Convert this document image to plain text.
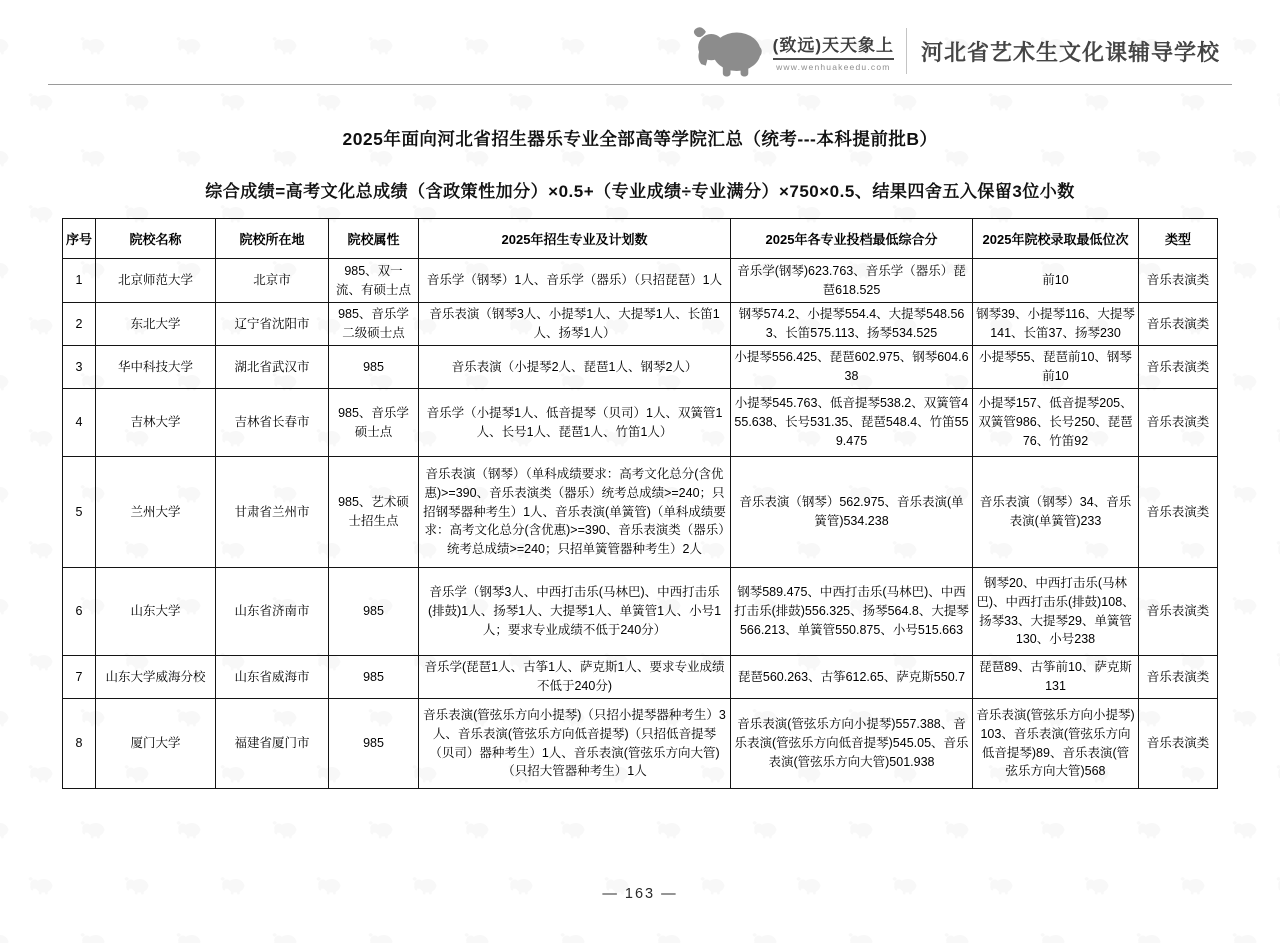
(致远)天天象上
www.wenhuakeedu.com
河北省艺术生文化课辅导学校
2025年面向河北省招生器乐专业全部高等学院汇总（统考---本科提前批B）
综合成绩=高考文化总成绩（含政策性加分）×0.5+（专业成绩÷专业满分）×750×0.5、结果四舍五入保留3位小数
序号	院校名称	院校所在地	院校属性	2025年招生专业及计划数	2025年各专业投档最低综合分	2025年院校录取最低位次	类型
1	北京师范大学	北京市	985、双一流、有硕士点	音乐学（钢琴）1人、音乐学（器乐）（只招琵琶）1人	音乐学(钢琴)623.763、音乐学（器乐）琵琶618.525	前10	音乐表演类
2	东北大学	辽宁省沈阳市	985、音乐学二级硕士点	音乐表演（钢琴3人、小提琴1人、大提琴1人、长笛1人、扬琴1人）	钢琴574.2、小提琴554.4、大提琴548.563、长笛575.113、扬琴534.525	钢琴39、小提琴116、大提琴141、长笛37、扬琴230	音乐表演类
3	华中科技大学	湖北省武汉市	985	音乐表演（小提琴2人、琵琶1人、钢琴2人）	小提琴556.425、琵琶602.975、钢琴604.638	小提琴55、琵琶前10、钢琴前10	音乐表演类
4	吉林大学	吉林省长春市	985、音乐学硕士点	音乐学（小提琴1人、低音提琴（贝司）1人、双簧管1人、长号1人、琵琶1人、竹笛1人）	小提琴545.763、低音提琴538.2、双簧管455.638、长号531.35、琵琶548.4、竹笛559.475	小提琴157、低音提琴205、双簧管986、长号250、琵琶76、竹笛92	音乐表演类
5	兰州大学	甘肃省兰州市	985、艺术硕士招生点	音乐表演（钢琴）（单科成绩要求：高考文化总分(含优惠)>=390、音乐表演类（器乐）统考总成绩>=240；只招钢琴器种考生）1人、音乐表演(单簧管)（单科成绩要求：高考文化总分(含优惠)>=390、音乐表演类（器乐）统考总成绩>=240；只招单簧管器种考生）2人	音乐表演（钢琴）562.975、音乐表演(单簧管)534.238	音乐表演（钢琴）34、音乐表演(单簧管)233	音乐表演类
6	山东大学	山东省济南市	985	音乐学（钢琴3人、中西打击乐(马林巴)、中西打击乐(排鼓)1人、扬琴1人、大提琴1人、单簧管1人、小号1人；要求专业成绩不低于240分）	钢琴589.475、中西打击乐(马林巴)、中西打击乐(排鼓)556.325、扬琴564.8、大提琴566.213、单簧管550.875、小号515.663	钢琴20、中西打击乐(马林巴)、中西打击乐(排鼓)108、扬琴33、大提琴29、单簧管130、小号238	音乐表演类
7	山东大学威海分校	山东省威海市	985	音乐学(琵琶1人、古筝1人、萨克斯1人、要求专业成绩不低于240分)	琵琶560.263、古筝612.65、萨克斯550.7	琵琶89、古筝前10、萨克斯131	音乐表演类
8	厦门大学	福建省厦门市	985	音乐表演(管弦乐方向小提琴)（只招小提琴器种考生）3人、音乐表演(管弦乐方向低音提琴)（只招低音提琴（贝司）器种考生）1人、音乐表演(管弦乐方向大管)（只招大管器种考生）1人	音乐表演(管弦乐方向小提琴)557.388、音乐表演(管弦乐方向低音提琴)545.05、音乐表演(管弦乐方向大管)501.938	音乐表演(管弦乐方向小提琴)103、音乐表演(管弦乐方向低音提琴)89、音乐表演(管弦乐方向大管)568	音乐表演类
— 163 —
